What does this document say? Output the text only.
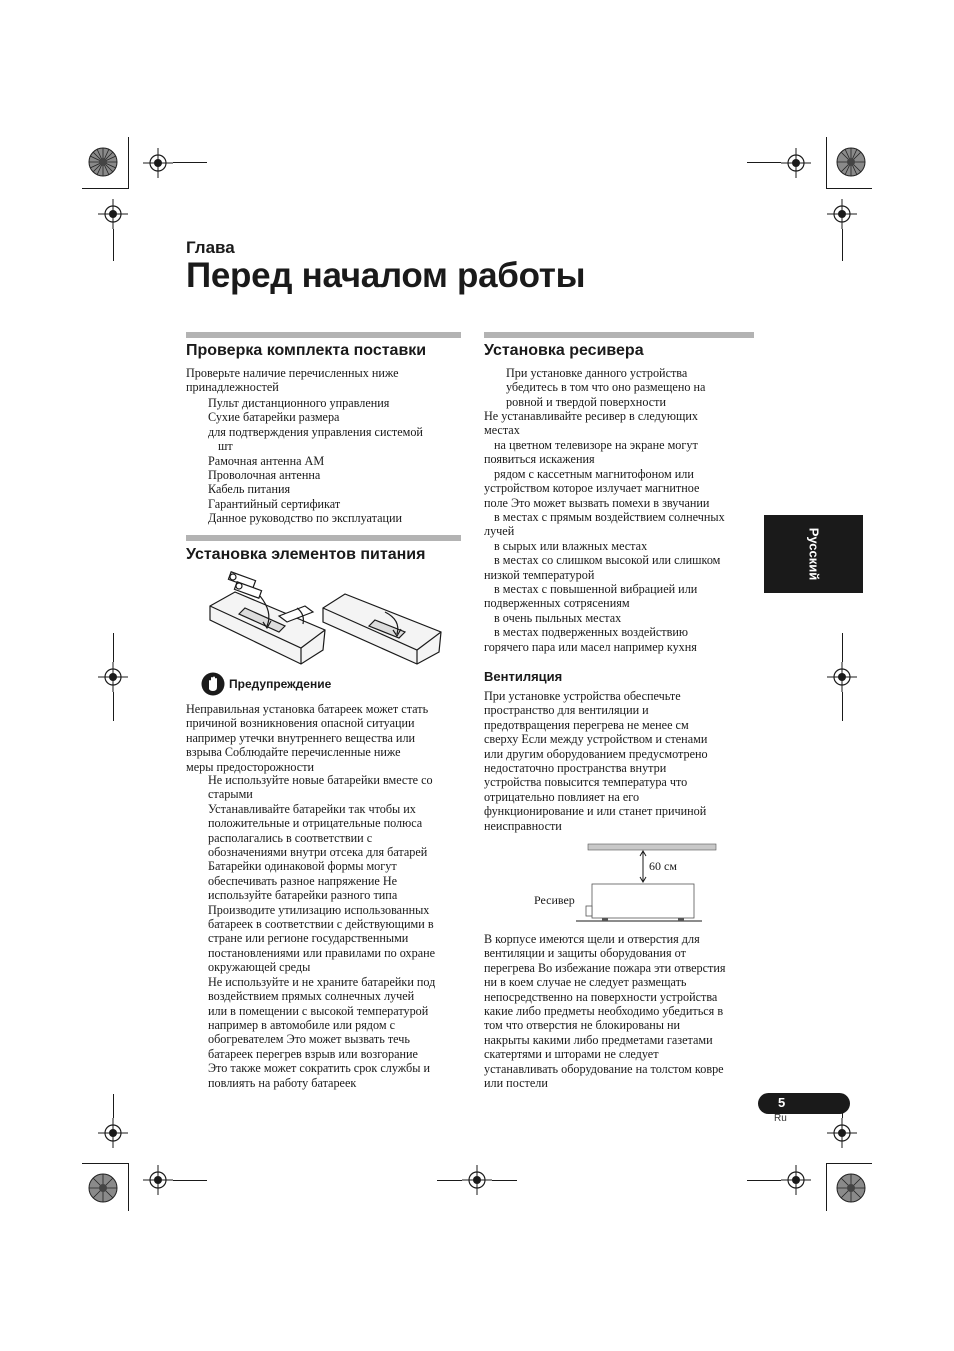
Глава
Перед началом работы
Русский
Проверка комплекта поставки
Проверьте наличие перечисленных ниже
принадлежностей
Пульт дистанционного управления
Сухие батарейки размера
для подтверждения управления системой
шт
Рамочная антенна АМ
Проволочная антенна
Кабель питания
Гарантийный сертификат
Данное руководство по эксплуатации
Установка элементов питания
Предупреждение
Неправильная установка батареек может стать
причиной возникновения опасной ситуации
например утечки внутреннего вещества или
взрыва Соблюдайте перечисленные ниже
меры предосторожности
Не используйте новые батарейки вместе со
старыми
Устанавливайте батарейки так чтобы их
положительные и отрицательные полюса
располагались в соответствии с
обозначениями внутри отсека для батарей
Батарейки одинаковой формы могут
обеспечивать разное напряжение Не
используйте батарейки разного типа
Производите утилизацию использованных
батареек в соответствии с действующими в
стране или регионе государственными
постановлениями или правилами по охране
окружающей среды
Не используйте и не храните батарейки под
воздействием прямых солнечных лучей
или в помещении с высокой температурой
например в автомобиле или рядом с
обогревателем Это может вызвать течь
батареек перегрев взрыв или возгорание
Это также может сократить срок службы и
повлиять на работу батареек
Установка ресивера
При установке данного устройства
убедитесь в том что оно размещено на
ровной и твердой поверхности
Не устанавливайте ресивер в следующих
местах
на цветном телевизоре на экране могут
появиться искажения
рядом с кассетным магнитофоном или
устройством которое излучает магнитное
поле Это может вызвать помехи в звучании
в местах с прямым воздействием солнечных
лучей
в сырых или влажных местах
в местах со слишком высокой или слишком
низкой температурой
в местах с повышенной вибрацией или
подверженных сотрясениям
в очень пыльных местах
в местах подверженных воздействию
горячего пара или масел например кухня
Вентиляция
При установке устройства обеспечьте
пространство для вентиляции и
предотвращения перегрева не менее см
сверху Если между устройством и стенами
или другим оборудованием предусмотрено
недостаточно пространства внутри
устройства повысится температура что
отрицательно повлияет на его
функционирование и или станет причиной
неисправности
60 см
Ресивер
В корпусе имеются щели и отверстия для
вентиляции и защиты оборудования от
перегрева Во избежание пожара эти отверстия
ни в коем случае не следует размещать
непосредственно на поверхности устройства
какие либо предметы необходимо убедиться в
том что отверстия не блокированы ни
накрыты какими либо предметами газетами
скатертями и шторами не следует
устанавливать оборудование на толстом ковре
или постели
5
Ru
